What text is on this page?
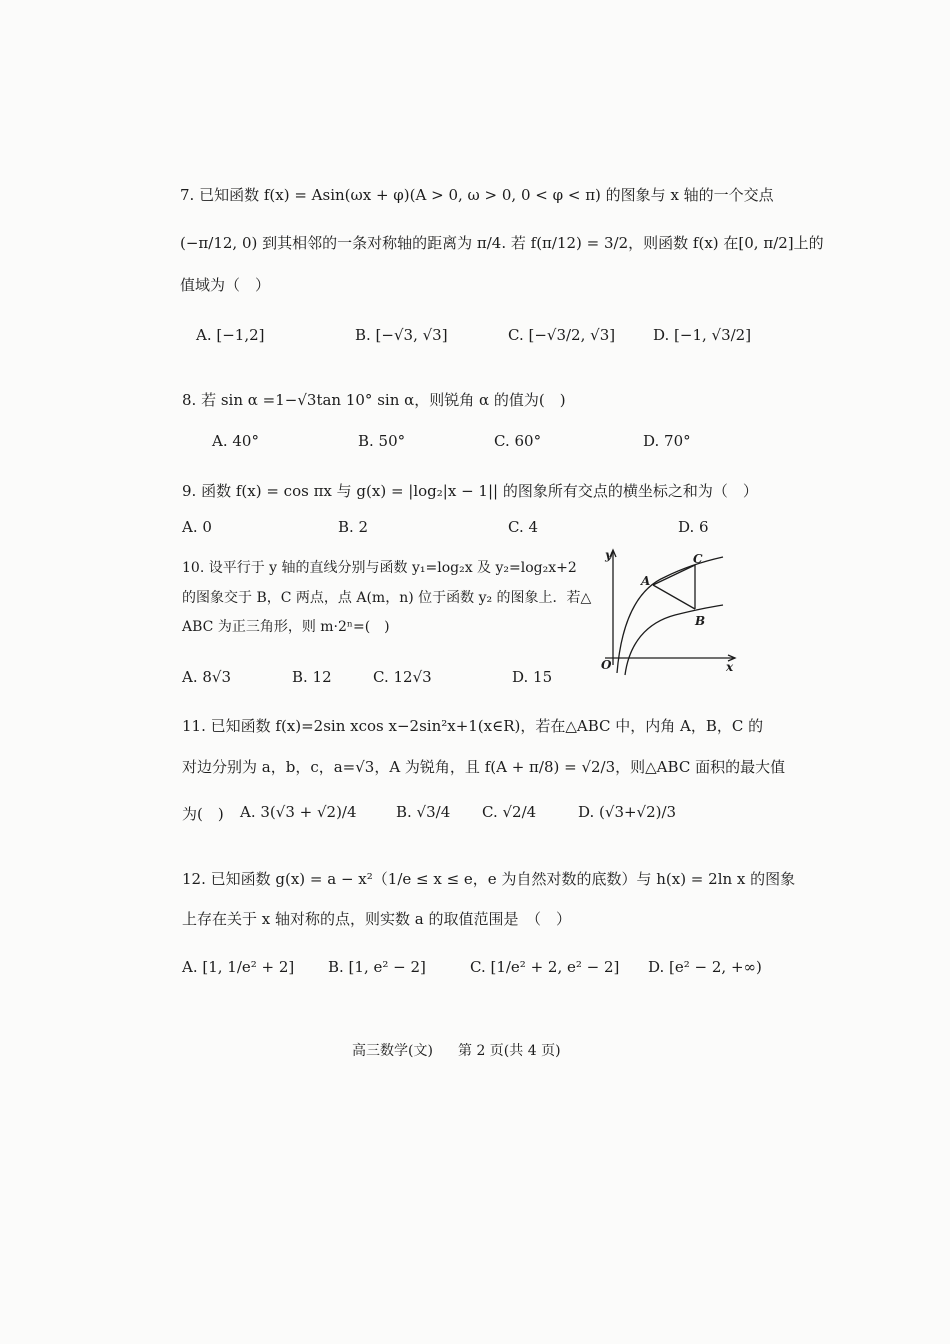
7. 已知函数 f(x) = Asin(ωx + φ)(A > 0, ω > 0, 0 < φ < π) 的图象与 x 轴的一个交点
(−π/12, 0) 到其相邻的一条对称轴的距离为 π/4. 若 f(π/12) = 3/2，则函数 f(x) 在[0, π/2]上的
值域为（　）
A. [−1,2]	B. [−√3, √3]	C. [−√3/2, √3]	D. [−1, √3/2]
8. 若 sin α =1−√3tan 10° sin α，则锐角 α 的值为(　)
A. 40°	B. 50°	C. 60°	D. 70°
9. 函数 f(x) = cos πx 与 g(x) = |log₂|x − 1|| 的图象所有交点的横坐标之和为（　）
A. 0	B. 2	C. 4	D. 6
10. 设平行于 y 轴的直线分别与函数 y₁=log₂x 及 y₂=log₂x+2
的图象交于 B，C 两点，点 A(m，n) 位于函数 y₂ 的图象上．若△
ABC 为正三角形，则 m·2ⁿ=(　)
y
x
O
A
B
C
A. 8√3	B. 12	C. 12√3	D. 15
11. 已知函数 f(x)=2sin xcos x−2sin²x+1(x∈R)，若在△ABC 中，内角 A，B，C 的
对边分别为 a，b，c，a=√3，A 为锐角，且 f(A + π/8) = √2/3，则△ABC 面积的最大值
为(　) A. 3(√3 + √2)/4	B. √3/4 C. √2/4	D. (√3+√2)/3
12. 已知函数 g(x) = a − x²（1/e ≤ x ≤ e，e 为自然对数的底数）与 h(x) = 2ln x 的图象
上存在关于 x 轴对称的点，则实数 a 的取值范围是　（　）
A. [1, 1/e² + 2] B. [1, e² − 2]	C. [1/e² + 2, e² − 2] D. [e² − 2, +∞)
高三数学(文) 第 2 页(共 4 页)
